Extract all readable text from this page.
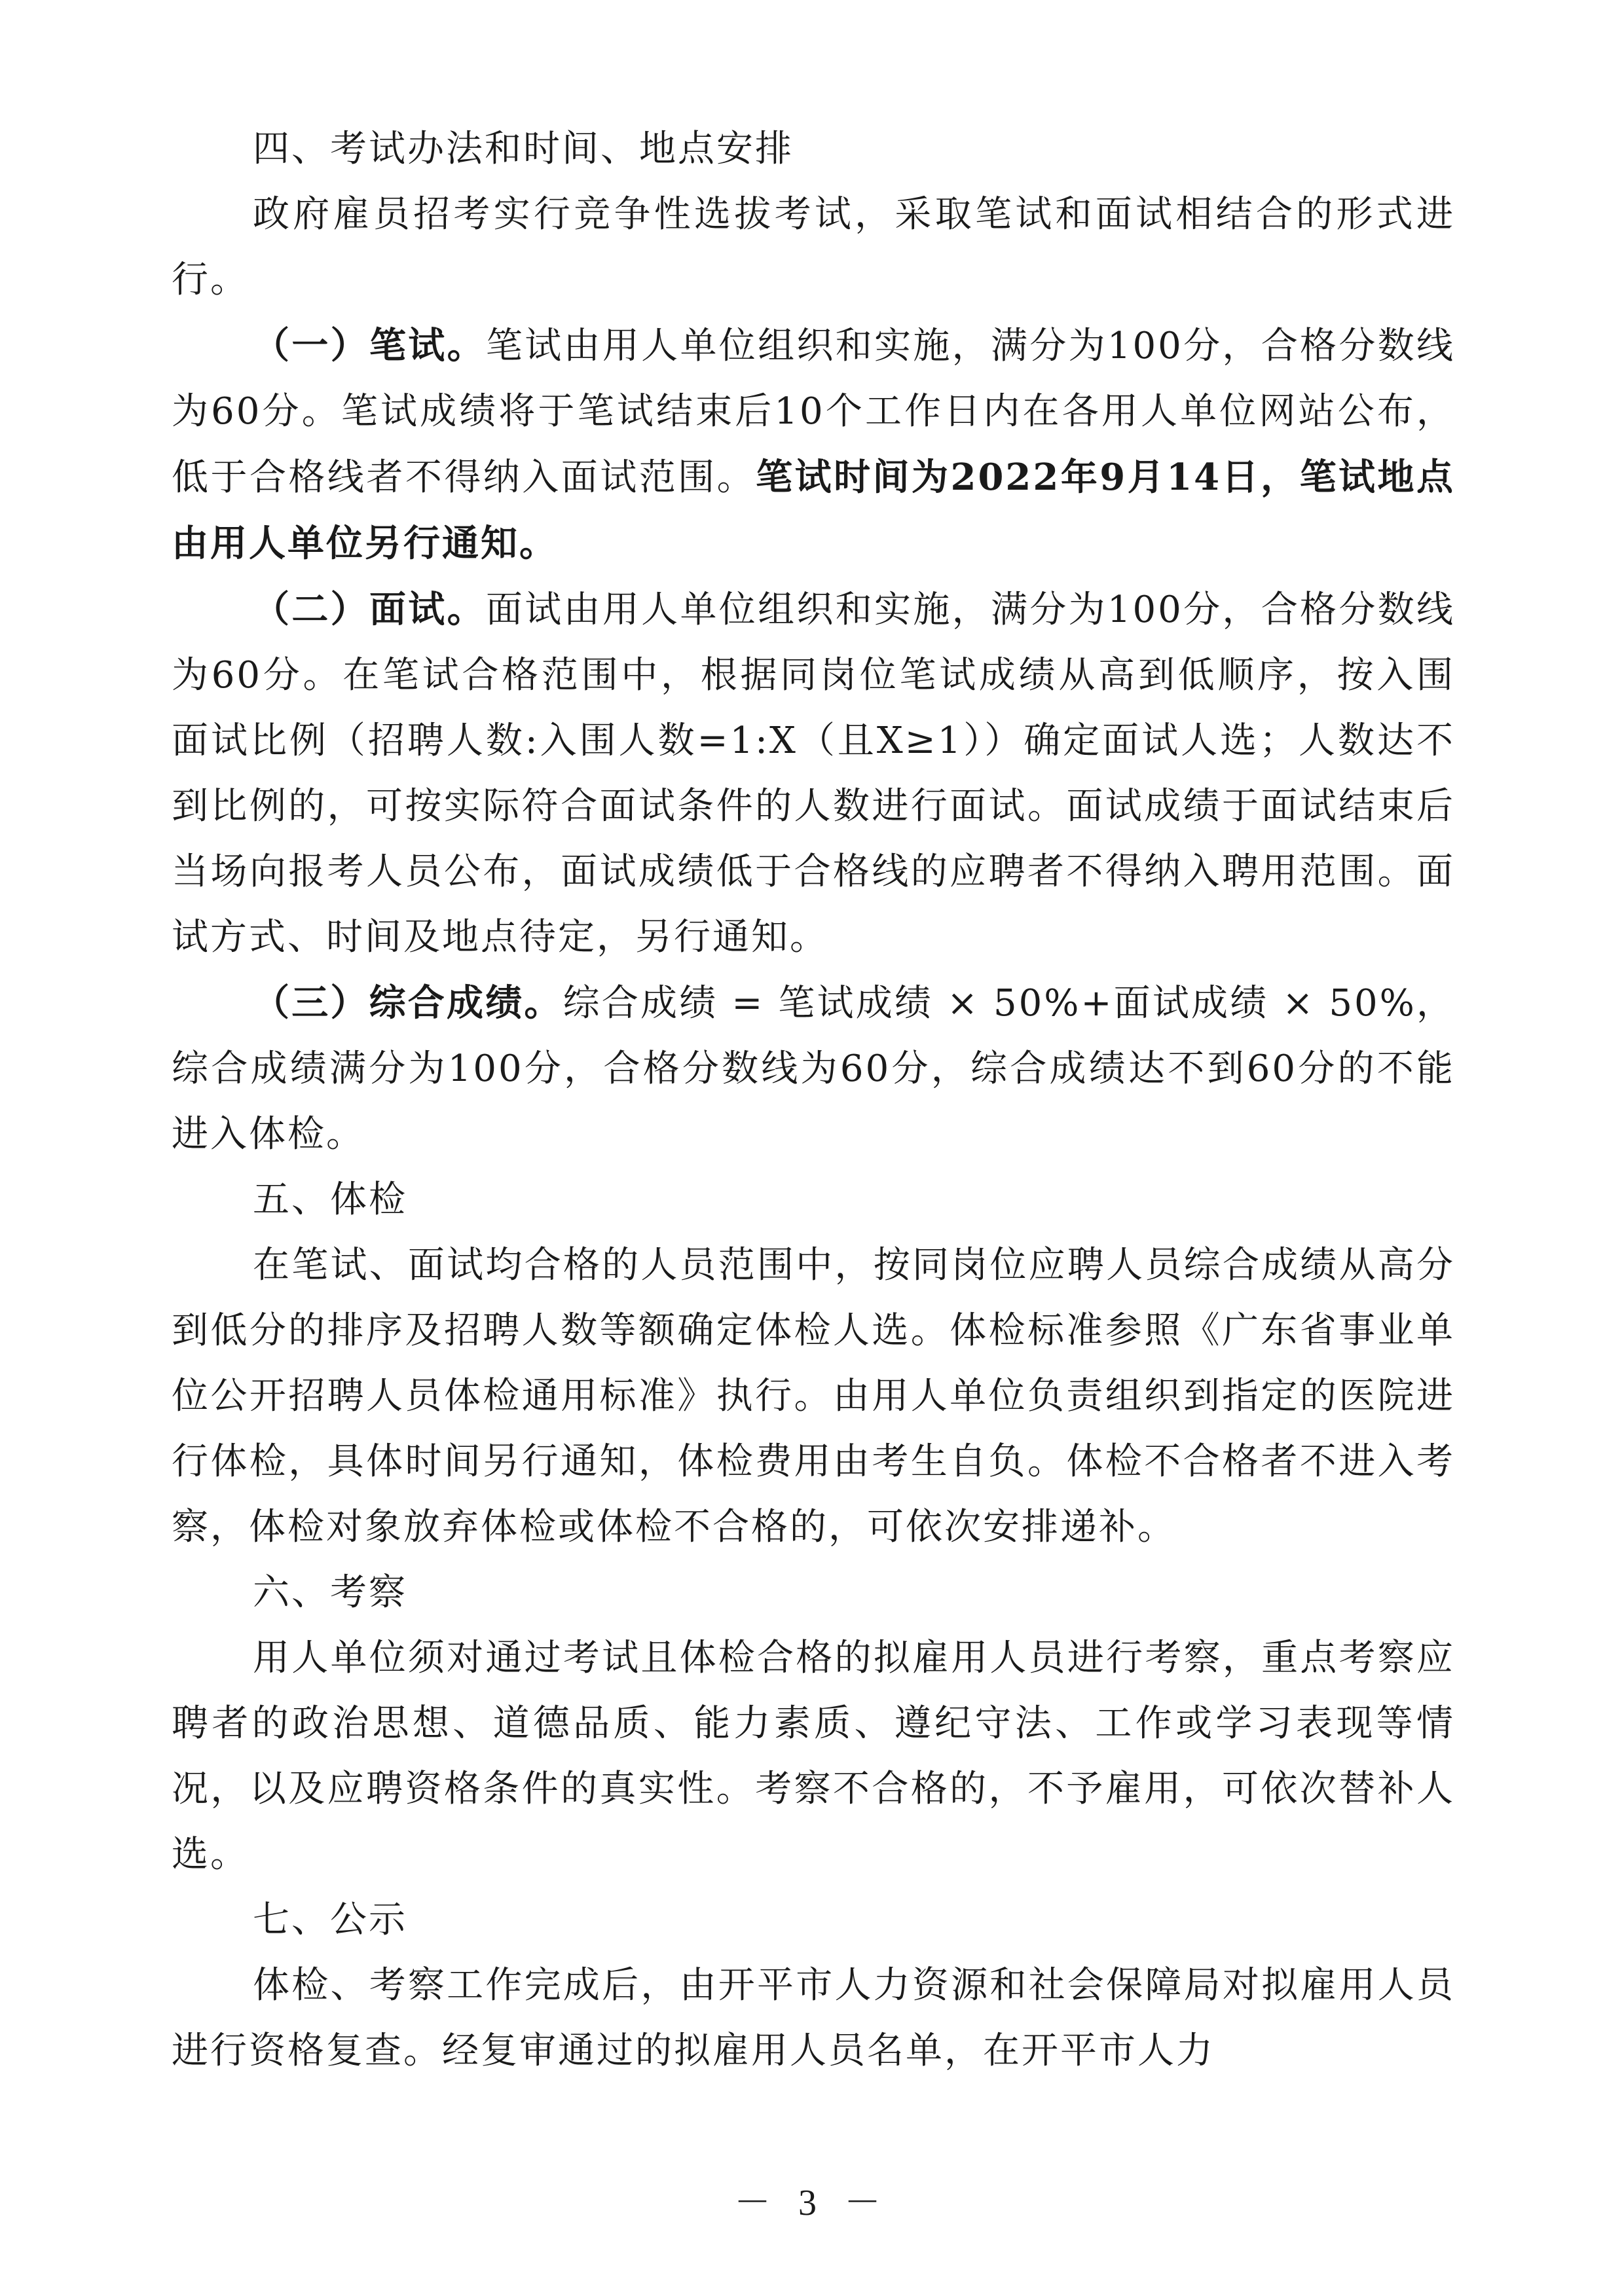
四、考试办法和时间、地点安排

政府雇员招考实行竞争性选拔考试，采取笔试和面试相结合的形式进行。

（一）笔试。笔试由用人单位组织和实施，满分为100分，合格分数线为60分。笔试成绩将于笔试结束后10个工作日内在各用人单位网站公布，低于合格线者不得纳入面试范围。笔试时间为2022年9月14日，笔试地点由用人单位另行通知。

（二）面试。面试由用人单位组织和实施，满分为100分，合格分数线为60分。在笔试合格范围中，根据同岗位笔试成绩从高到低顺序，按入围面试比例（招聘人数:入围人数=1:X（且X≥1））确定面试人选；人数达不到比例的，可按实际符合面试条件的人数进行面试。面试成绩于面试结束后当场向报考人员公布，面试成绩低于合格线的应聘者不得纳入聘用范围。面试方式、时间及地点待定，另行通知。

（三）综合成绩。综合成绩 = 笔试成绩 × 50%+面试成绩 × 50%，综合成绩满分为100分，合格分数线为60分，综合成绩达不到60分的不能进入体检。

五、体检

在笔试、面试均合格的人员范围中，按同岗位应聘人员综合成绩从高分到低分的排序及招聘人数等额确定体检人选。体检标准参照《广东省事业单位公开招聘人员体检通用标准》执行。由用人单位负责组织到指定的医院进行体检，具体时间另行通知，体检费用由考生自负。体检不合格者不进入考察，体检对象放弃体检或体检不合格的，可依次安排递补。

六、考察

用人单位须对通过考试且体检合格的拟雇用人员进行考察，重点考察应聘者的政治思想、道德品质、能力素质、遵纪守法、工作或学习表现等情况，以及应聘资格条件的真实性。考察不合格的，不予雇用，可依次替补人选。

七、公示

体检、考察工作完成后，由开平市人力资源和社会保障局对拟雇用人员进行资格复查。经复审通过的拟雇用人员名单，在开平市人力

－ 3 －
